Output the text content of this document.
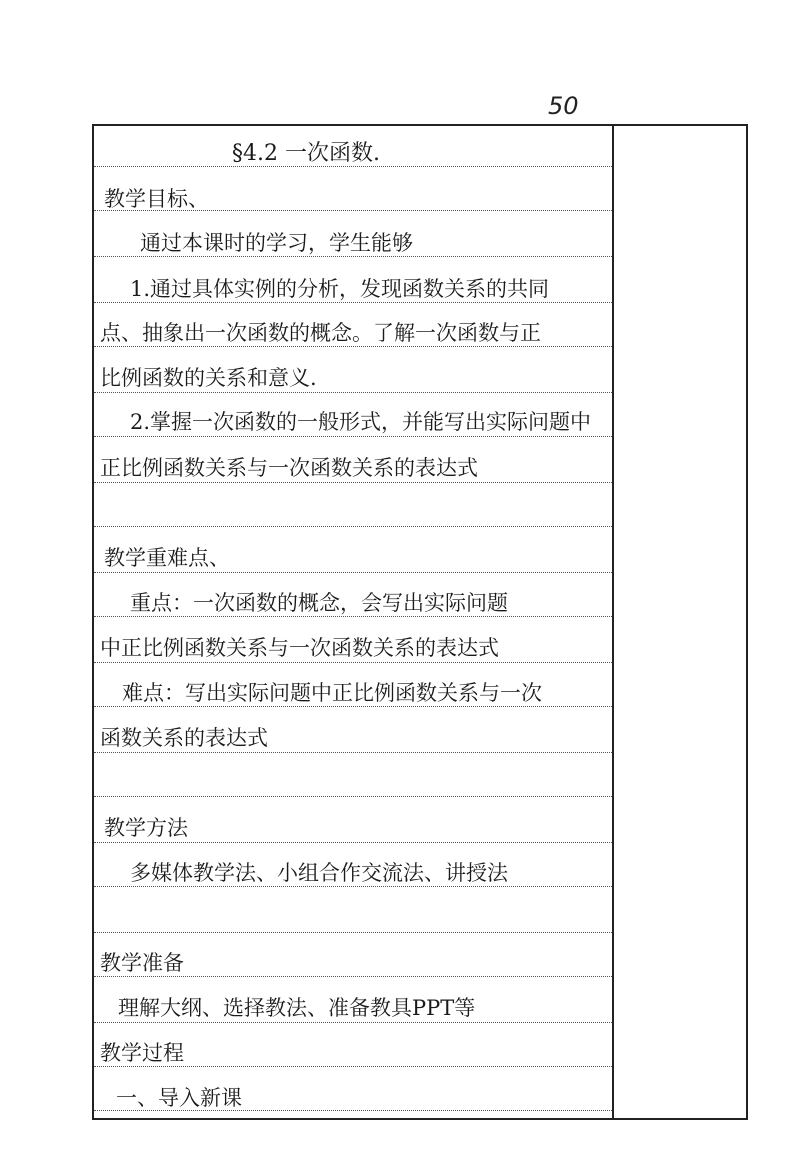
50
§4.2 一次函数.
教学目标、
通过本课时的学习，学生能够
1.通过具体实例的分析，发现函数关系的共同
点、抽象出一次函数的概念。了解一次函数与正
比例函数的关系和意义.
2.掌握一次函数的一般形式，并能写出实际问题中
正比例函数关系与一次函数关系的表达式
教学重难点、
重点：一次函数的概念，会写出实际问题
中正比例函数关系与一次函数关系的表达式
难点：写出实际问题中正比例函数关系与一次
函数关系的表达式
教学方法
多媒体教学法、小组合作交流法、讲授法
教学准备
理解大纲、选择教法、准备教具PPT等
教学过程
一、导入新课
